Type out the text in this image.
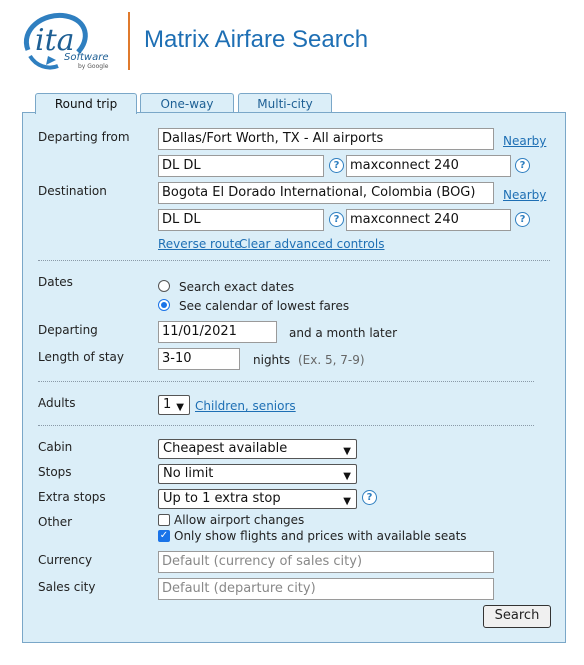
ita
Software
by Google
Matrix Airfare Search
Round trip	One-way	Multi-city
Departing from	Dallas/Fort Worth, TX - All airports	Nearby
DL DL	? maxconnect 240	?
Destination	Bogota El Dorado International, Colombia (BOG)	Nearby
DL DL	? maxconnect 240	?
Reverse route
Clear advanced controls
Dates	Search exact dates
See calendar of lowest fares
Departing	11/01/2021	and a month later
Length of stay	3-10	nights (Ex. 5, 7-9)
Adults	1 ▼ Children, seniors
Cabin	Cheapest available	▼
Stops	No limit	▼
Extra stops	Up to 1 extra stop	▼	?
Other	Allow airport changes
✓ Only show flights and prices with available seats
Currency	Default (currency of sales city)
Sales city	Default (departure city)
Search
